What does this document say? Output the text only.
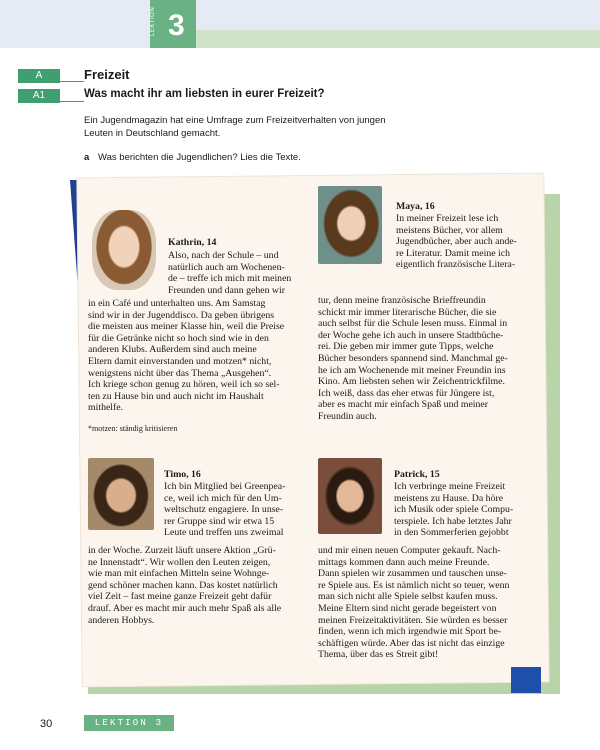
LEKTION 3
A	Freizeit
A1	Was macht ihr am liebsten in eurer Freizeit?
Ein Jugendmagazin hat eine Umfrage zum Freizeitverhalten von jungen Leuten in Deutschland gemacht.
a Was berichten die Jugendlichen? Lies die Texte.
Kathrin, 14
Also, nach der Schule – und
natürlich auch am Wochenen-
de – treffe ich mich mit meinen
Freunden und dann gehen wir
in ein Café und unterhalten uns. Am Samstag
sind wir in der Jugenddisco. Da geben übrigens
die meisten aus meiner Klasse hin, weil die Preise
für die Getränke nicht so hoch sind wie in den
anderen Klubs. Außerdem sind auch meine
Eltern damit einverstanden und motzen* nicht,
wenigstens nicht über das Thema „Ausgehen“.
Ich kriege schon genug zu hören, weil ich so sel-
ten zu Hause bin und auch nicht im Haushalt
mithelfe.
*motzen: ständig kritisieren
Maya, 16
In meiner Freizeit lese ich
meistens Bücher, vor allem
Jugendbücher, aber auch ande-
re Literatur. Damit meine ich
eigentlich französische Litera-
tur, denn meine französische Brieffreundin
schickt mir immer literarische Bücher, die sie
auch selbst für die Schule lesen muss. Einmal in
der Woche gehe ich auch in unsere Stadtbüche-
rei. Die geben mir immer gute Tipps, welche
Bücher besonders spannend sind. Manchmal ge-
he ich am Wochenende mit meiner Freundin ins
Kino. Am liebsten sehen wir Zeichentrickfilme.
Ich weiß, dass das eher etwas für Jüngere ist,
aber es macht mir einfach Spaß und meiner
Freundin auch.
Timo, 16
Ich bin Mitglied bei Greenpea-
ce, weil ich mich für den Um-
weltschutz engagiere. In unse-
rer Gruppe sind wir etwa 15
Leute und treffen uns zweimal
in der Woche. Zurzeit läuft unsere Aktion „Grü-
ne Innenstadt“. Wir wollen den Leuten zeigen,
wie man mit einfachen Mitteln seine Wohnge-
gend schöner machen kann. Das kostet natürlich
viel Zeit – fast meine ganze Freizeit geht dafür
drauf. Aber es macht mir auch mehr Spaß als alle
anderen Hobbys.
Patrick, 15
Ich verbringe meine Freizeit
meistens zu Hause. Da höre
ich Musik oder spiele Compu-
terspiele. Ich habe letztes Jahr
in den Sommerferien gejobbt
und mir einen neuen Computer gekauft. Nach-
mittags kommen dann auch meine Freunde.
Dann spielen wir zusammen und tauschen unse-
re Spiele aus. Es ist nämlich nicht so teuer, wenn
man sich nicht alle Spiele selbst kaufen muss.
Meine Eltern sind nicht gerade begeistert von
meinen Freizeitaktivitäten. Sie würden es besser
finden, wenn ich mich irgendwie mit Sport be-
schäftigen würde. Aber das ist nicht das einzige
Thema, über das es Streit gibt!
30	LEKTION 3
